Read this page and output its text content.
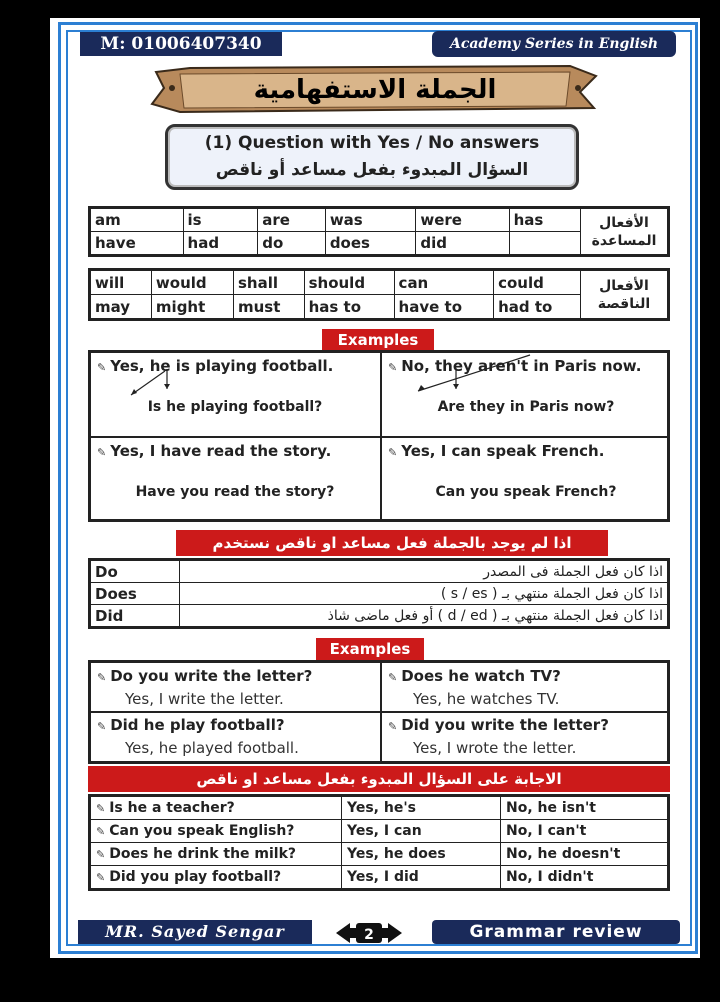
M: 01006407340	Academy Series in English
الجملة الاستفهامية
(1) Question with Yes / No answers
السؤال المبدوء بفعل مساعد أو ناقص
am	is	are	was	were	has	الأفعال المساعدة
have	had	do	does	did		
will	would	shall	should	can	could	الأفعال الناقصة
may	might	must	has to	have to	had to	
Examples
✎ Yes, he is playing football.
Is he playing football?
✎ No, they aren't in Paris now.
Are they in Paris now?
✎ Yes, I have read the story.
Have you read the story?
✎ Yes, I can speak French.
Can you speak French?
اذا لم يوجد بالجملة فعل مساعد او ناقص نستخدم
Do	اذا كان فعل الجملة فى المصدر
Does	اذا كان فعل الجملة منتهي بـ ( s / es )
Did	اذا كان فعل الجملة منتهي بـ ( d / ed ) أو فعل ماضى شاذ
Examples
✎ Do you write the letter?
Yes, I write the letter.
✎ Does he watch TV?
Yes, he watches TV.
✎ Did he play football?
Yes, he played football.
✎ Did you write the letter?
Yes, I wrote the letter.
الاجابة على السؤال المبدوء بفعل مساعد او ناقص
✎ Is he a teacher?	Yes, he's	No, he isn't
✎ Can you speak English?	Yes, I can	No, I can't
✎ Does he drink the milk?	Yes, he does	No, he doesn't
✎ Did you play football?	Yes, I did	No, I didn't
MR. Sayed Sengar	2	Grammar review
